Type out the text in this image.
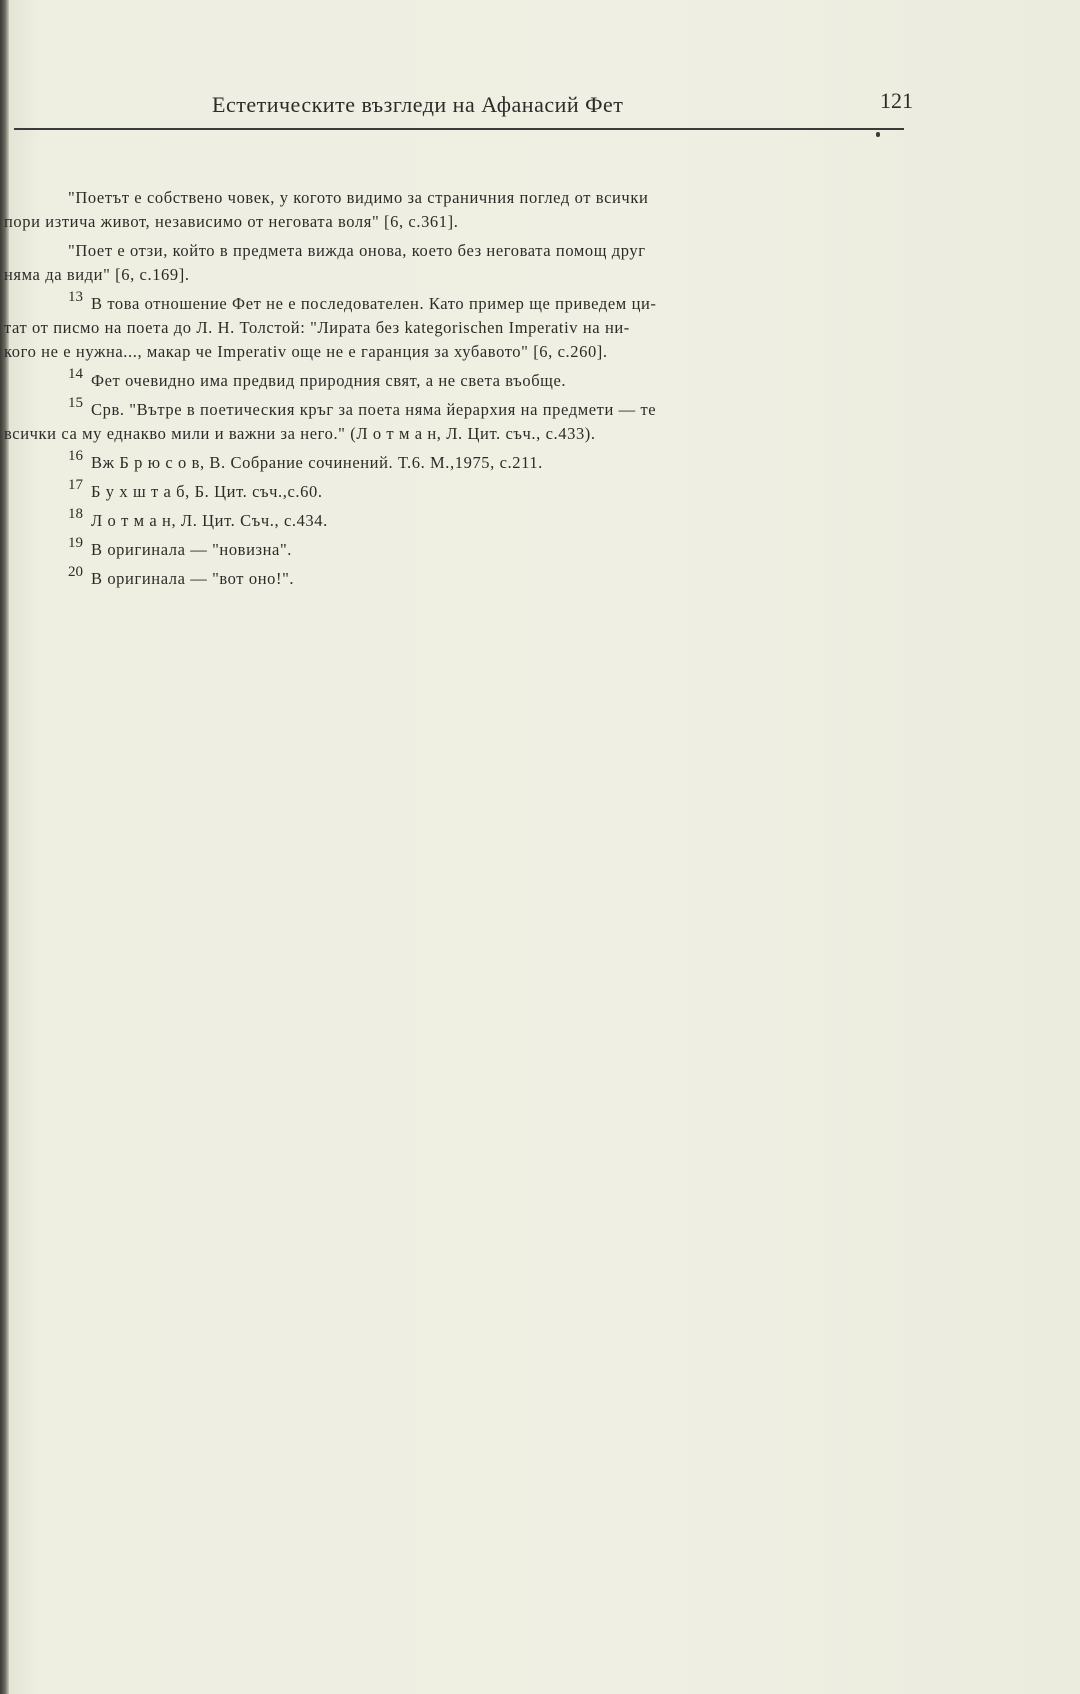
Естетическите възгледи на Афанасий Фет	121
"Поетът е собствено човек, у когото видимо за страничния поглед от всички
пори изтича живот, независимо от неговата воля" [6, с.361].
"Поет е отзи, който в предмета вижда онова, което без неговата помощ друг
няма да види" [6, с.169].
13 В това отношение Фет не е последователен. Като пример ще приведем ци-
тат от писмо на поета до Л. Н. Толстой: "Лирата без kategorischen Imperativ на ни-
кого не е нужна..., макар че Imperativ още не е гаранция за хубавото" [6, с.260].
14 Фет очевидно има предвид природния свят, а не света въобще.
15 Срв. "Вътре в поетическия кръг за поета няма йерархия на предмети — те
всички са му еднакво мили и важни за него." (Л о т м а н, Л. Цит. съч., с.433).
16 Вж Б р ю с о в, В. Собрание сочинений. Т.6. М.,1975, с.211.
17 Б у х ш т а б, Б. Цит. съч.,с.60.
18 Л о т м а н, Л. Цит. Съч., с.434.
19 В оригинала — "новизна".
20 В оригинала — "вот оно!".
